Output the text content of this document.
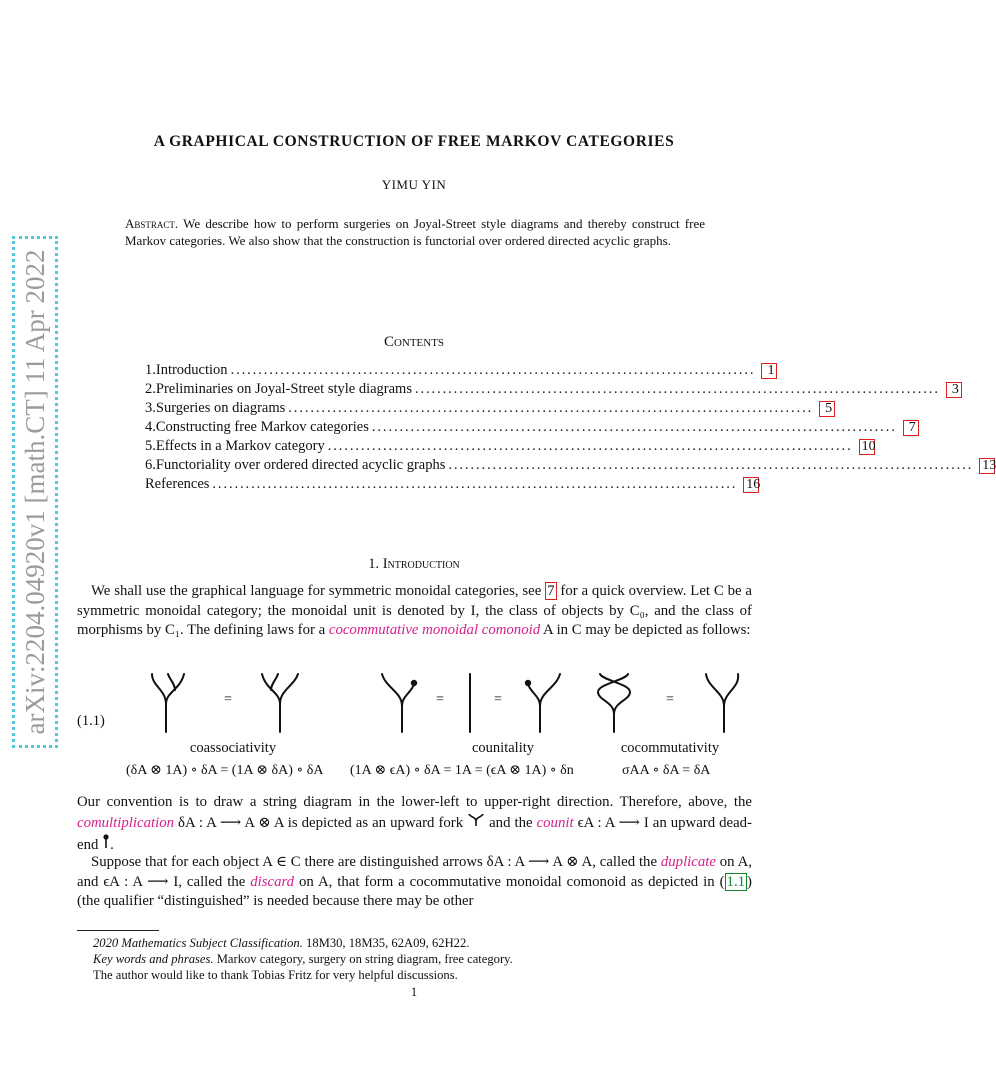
arXiv:2204.04920v1 [math.CT] 11 Apr 2022
A GRAPHICAL CONSTRUCTION OF FREE MARKOV CATEGORIES
YIMU YIN
Abstract. We describe how to perform surgeries on Joyal-Street style diagrams and thereby construct free Markov categories. We also show that the construction is functorial over ordered directed acyclic graphs.
Contents
1. Introduction ............................................................................................... 1
2. Preliminaries on Joyal-Street style diagrams ............................................................................................... 3
3. Surgeries on diagrams ............................................................................................... 5
4. Constructing free Markov categories ............................................................................................... 7
5. Effects in a Markov category ............................................................................................... 10
6. Functoriality over ordered directed acyclic graphs ............................................................................................... 13
References ............................................................................................... 16
1. Introduction
We shall use the graphical language for symmetric monoidal categories, see 7 for a quick overview. Let C be a symmetric monoidal category; the monoidal unit is denoted by I, the class of objects by C₀, and the class of morphisms by C₁. The defining laws for a cocommutative monoidal comonoid A in C may be depicted as follows:
(1.1)
=	=	=	=
coassociativity	counitality	cocommutativity
(δA ⊗ 1A) ∘ δA = (1A ⊗ δA) ∘ δA (1A ⊗ ϵA) ∘ δA = 1A = (ϵA ⊗ 1A) ∘ δn	σAA ∘ δA = δA
Our convention is to draw a string diagram in the lower-left to upper-right direction. Therefore, above, the comultiplication δA : A ⟶ A ⊗ A is depicted as an upward fork  and the counit ϵA : A ⟶ I an upward dead-end .
Suppose that for each object A ∈ C there are distinguished arrows δA : A ⟶ A ⊗ A, called the duplicate on A, and ϵA : A ⟶ I, called the discard on A, that form a cocommutative monoidal comonoid as depicted in ( 1.1 ) (the qualifier “distinguished” is needed because there may be other
2020 Mathematics Subject Classification. 18M30, 18M35, 62A09, 62H22.
Key words and phrases. Markov category, surgery on string diagram, free category.
The author would like to thank Tobias Fritz for very helpful discussions.
1
